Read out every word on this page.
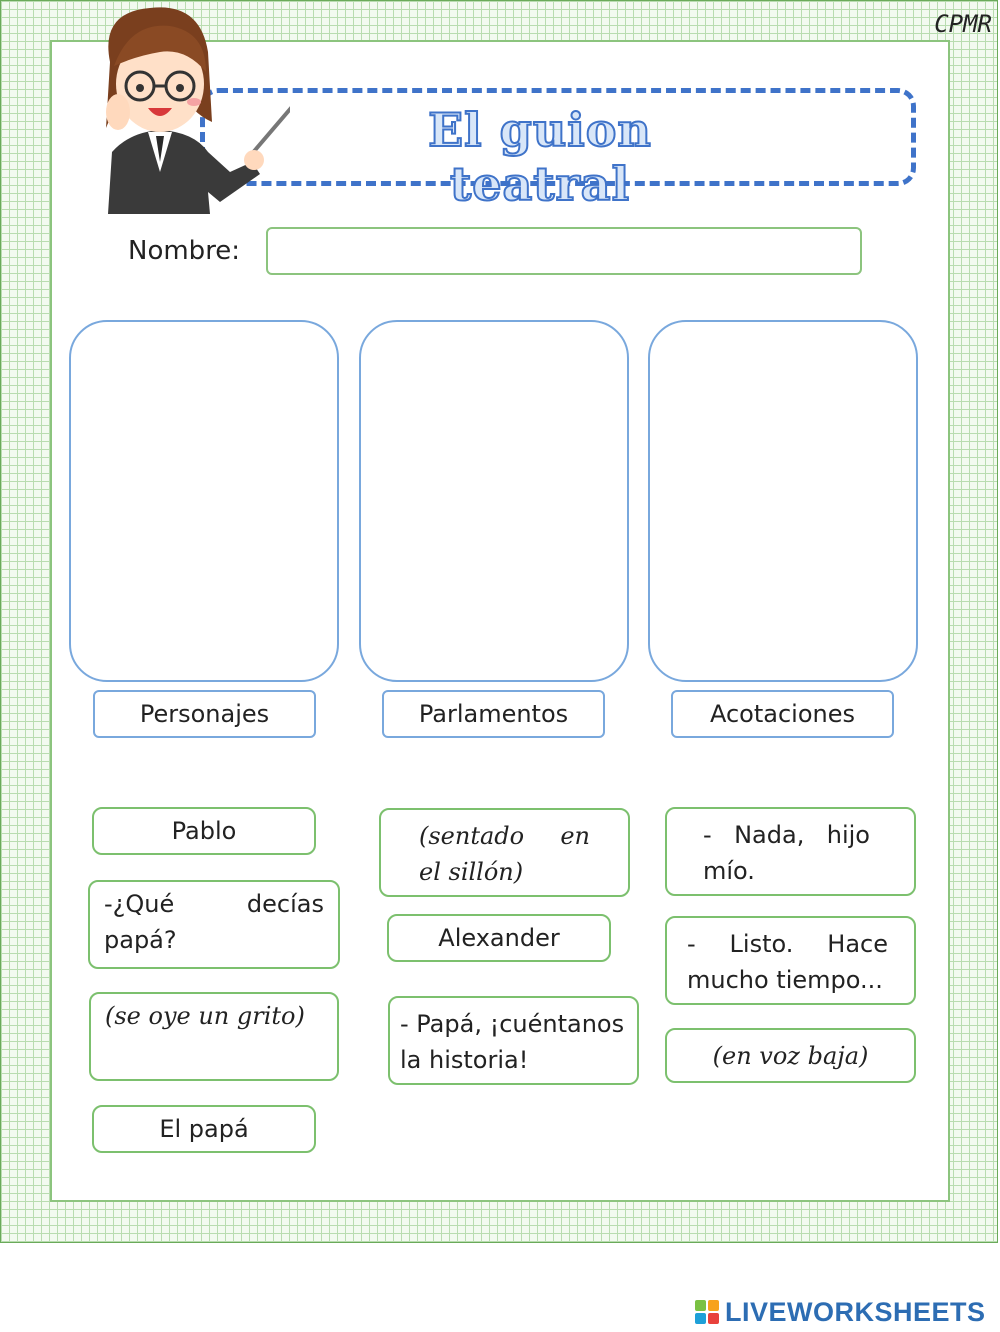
CPMR
El guion teatral
Nombre:
Personajes	Parlamentos	Acotaciones
Pablo
-¿Qué decías papá?
(se oye un grito)
El papá
(sentado en el sillón)
Alexander
- Papá, ¡cuéntanos la historia!
- Nada, hijo mío.
- Listo. Hace mucho tiempo...
(en voz baja)
LIVEWORKSHEETS
